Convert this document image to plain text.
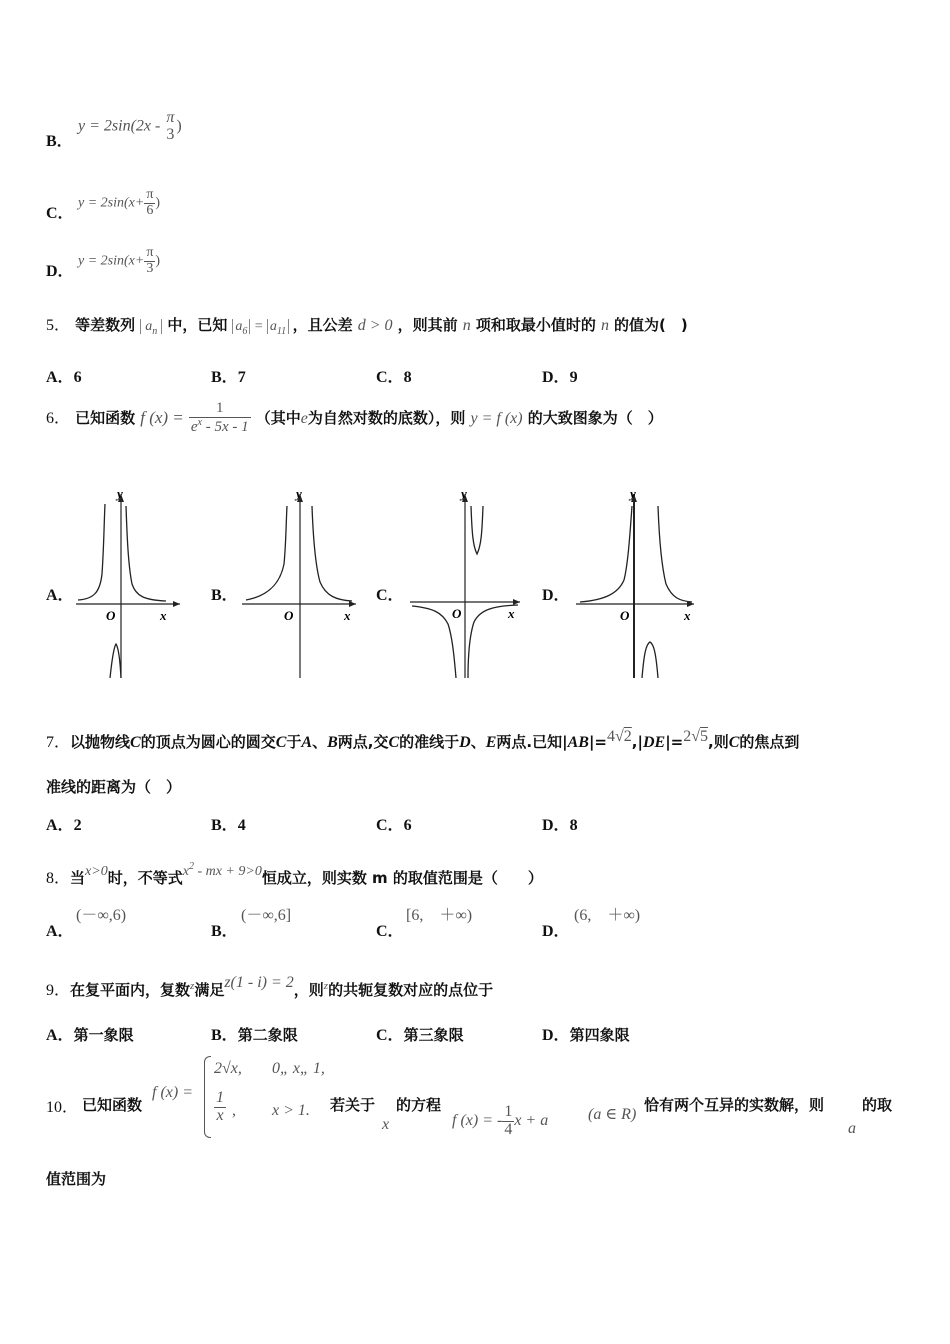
B．
y = 2sin(2x - π
3 )
C．
$y = 2\sin(x+ \frac{\pi}{6}$ )
D．
$y = 2\sin(x+ \frac{\pi}{3}$ )
5． 等差数列 $a_n$ 中，已知 $a_6 = a_{11}$ ，且公差 d > 0 ，则其前 n 项和取最小值时的 n 的值为(　)
A．6	B．7	C．8	D．9
6． 已知函数 f $(x) = \frac{1}{e^x - 5x - 1}$ （其中e为自然对数的底数），则 y = f (x) 的大致图象为（　）
A．	B．	C．	D．
O	x
y
O	x
y
O	x
y
O	x
y
7．以抛物线C的顶点为圆心的圆交C于A、B两点,交C的准线于D、E两点.已知|AB|=4√2,|DE|=2√5,则C的焦点到
准线的距离为（　）
A．2	B．4	C．6	D．8
8．当x>0时，不等式$x^2$ - mx + 9>0恒成立，则实数 m 的取值范围是（　　）
A．
(－∞,6)
B．
(－∞,6]
C．
[6,　＋∞)
D．
(6,　＋∞)
9．在复平面内，复数$^z$满足z(1 - i) = 2，则$^z$的共轭复数对应的点位于
A．第一象限	B．第二象限	C．第三象限	D．第四象限
10． 已知函数
f (x) =
2√x, 0„ x„ 1,
$\frac{1}{x}$ , x > 1. 若关于
x
的方程
f (x) = - $\frac{1}{4}$ x + a (a ∈ R)
恰有两个互异的实数解，则
a
的取
值范围为
